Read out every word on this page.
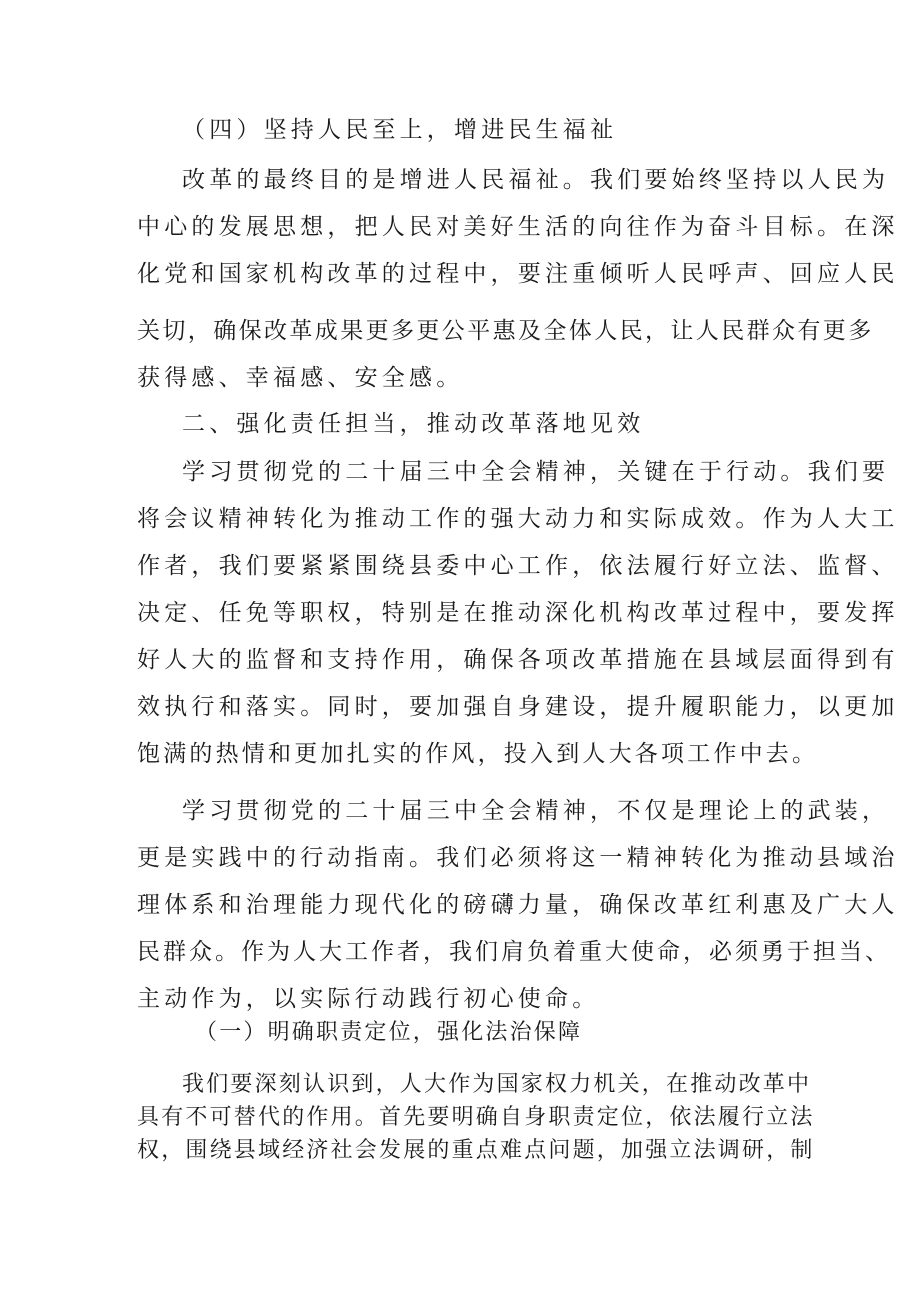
（四）坚持人民至上，增进民生福祉
改革的最终目的是增进人民福祉。我们要始终坚持以人民为
中心的发展思想，把人民对美好生活的向往作为奋斗目标。在深
化党和国家机构改革的过程中，要注重倾听人民呼声、回应人民
关切，确保改革成果更多更公平惠及全体人民，让人民群众有更多
获得感、幸福感、安全感。
二、强化责任担当，推动改革落地见效
学习贯彻党的二十届三中全会精神，关键在于行动。我们要
将会议精神转化为推动工作的强大动力和实际成效。作为人大工
作者，我们要紧紧围绕县委中心工作，依法履行好立法、监督、
决定、任免等职权，特别是在推动深化机构改革过程中，要发挥
好人大的监督和支持作用，确保各项改革措施在县域层面得到有
效执行和落实。同时，要加强自身建设，提升履职能力，以更加
饱满的热情和更加扎实的作风，投入到人大各项工作中去。
学习贯彻党的二十届三中全会精神，不仅是理论上的武装，
更是实践中的行动指南。我们必须将这一精神转化为推动县域治
理体系和治理能力现代化的磅礴力量，确保改革红利惠及广大人
民群众。作为人大工作者，我们肩负着重大使命，必须勇于担当、
主动作为，以实际行动践行初心使命。
（一）明确职责定位，强化法治保障
我们要深刻认识到，人大作为国家权力机关，在推动改革中
具有不可替代的作用。首先要明确自身职责定位，依法履行立法
权，围绕县域经济社会发展的重点难点问题，加强立法调研，制
